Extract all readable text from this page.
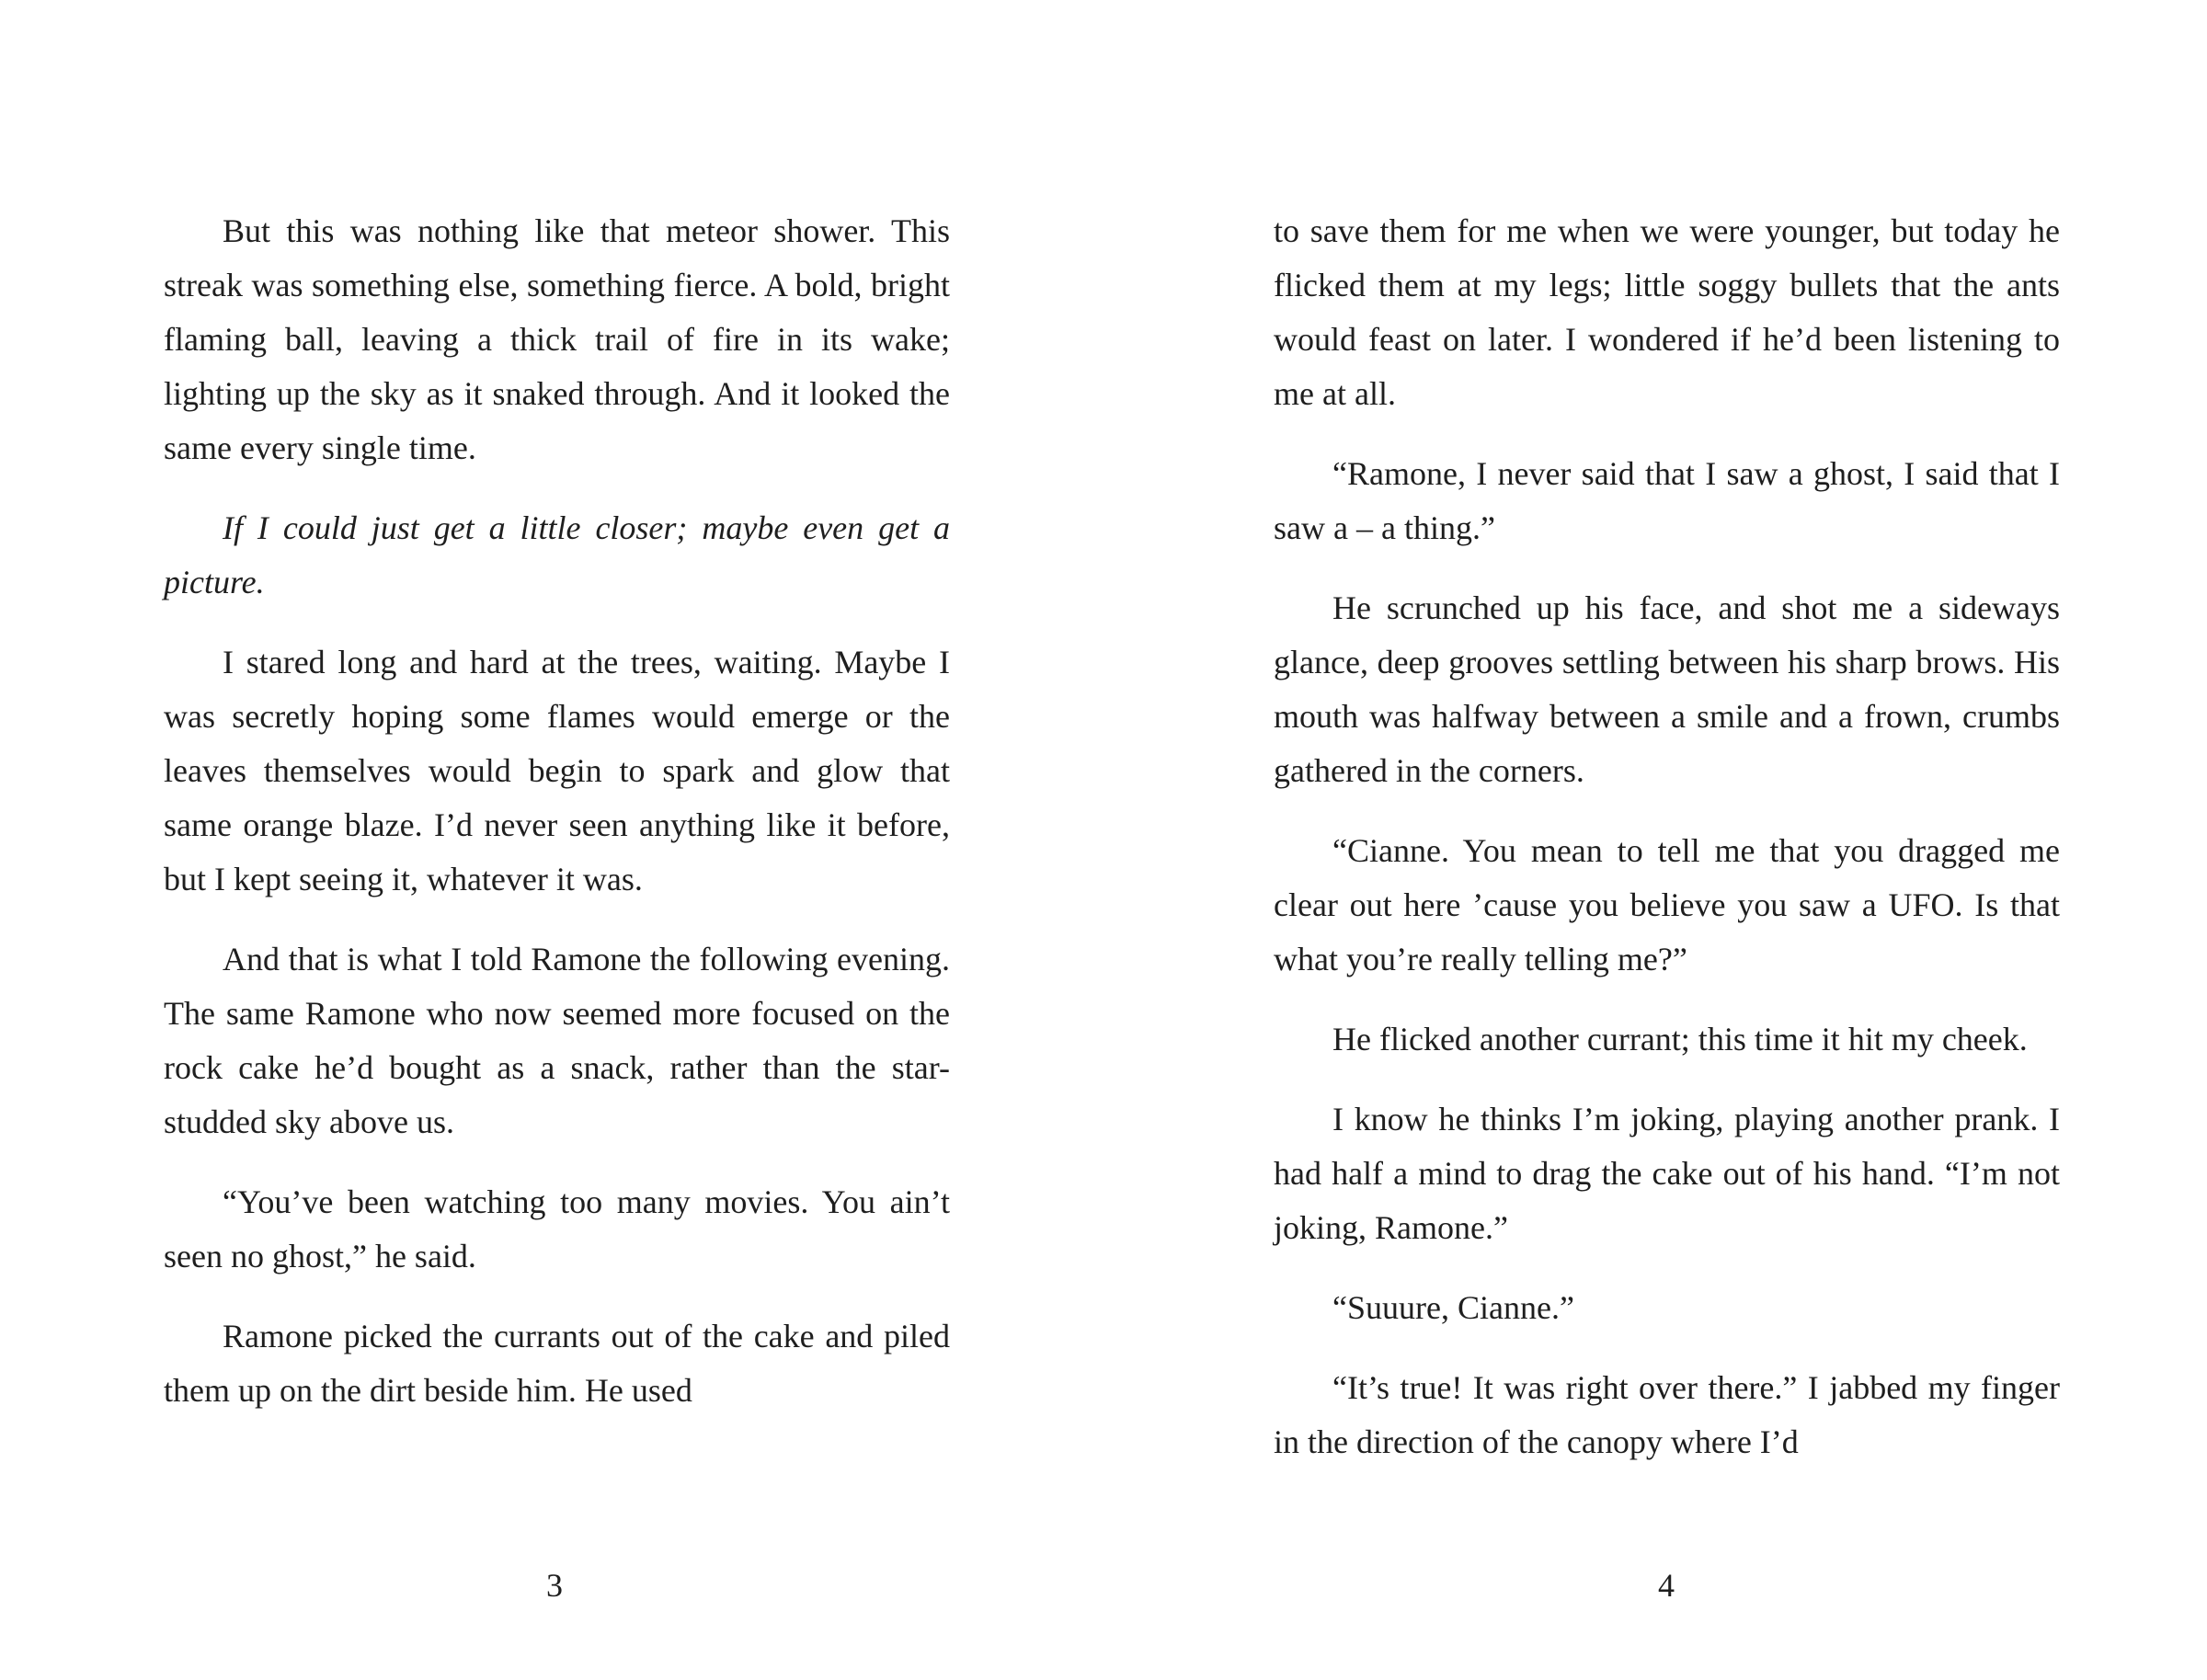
But this was nothing like that meteor shower. This streak was something else, something fierce. A bold, bright flaming ball, leaving a thick trail of fire in its wake; lighting up the sky as it snaked through. And it looked the same every single time.

If I could just get a little closer; maybe even get a picture.

I stared long and hard at the trees, waiting. Maybe I was secretly hoping some flames would emerge or the leaves themselves would begin to spark and glow that same orange blaze. I’d never seen anything like it before, but I kept seeing it, whatever it was.

And that is what I told Ramone the following evening. The same Ramone who now seemed more focused on the rock cake he’d bought as a snack, rather than the star-studded sky above us.

“You’ve been watching too many movies. You ain’t seen no ghost,” he said.

Ramone picked the currants out of the cake and piled them up on the dirt beside him. He used

to save them for me when we were younger, but today he flicked them at my legs; little soggy bullets that the ants would feast on later. I wondered if he’d been listening to me at all.

“Ramone, I never said that I saw a ghost, I said that I saw a – a thing.”

He scrunched up his face, and shot me a sideways glance, deep grooves settling between his sharp brows. His mouth was halfway between a smile and a frown, crumbs gathered in the corners.

“Cianne. You mean to tell me that you dragged me clear out here ’cause you believe you saw a UFO. Is that what you’re really telling me?”

He flicked another currant; this time it hit my cheek.

I know he thinks I’m joking, playing another prank. I had half a mind to drag the cake out of his hand. “I’m not joking, Ramone.”

“Suuure, Cianne.”

“It’s true! It was right over there.” I jabbed my finger in the direction of the canopy where I’d

3	4
